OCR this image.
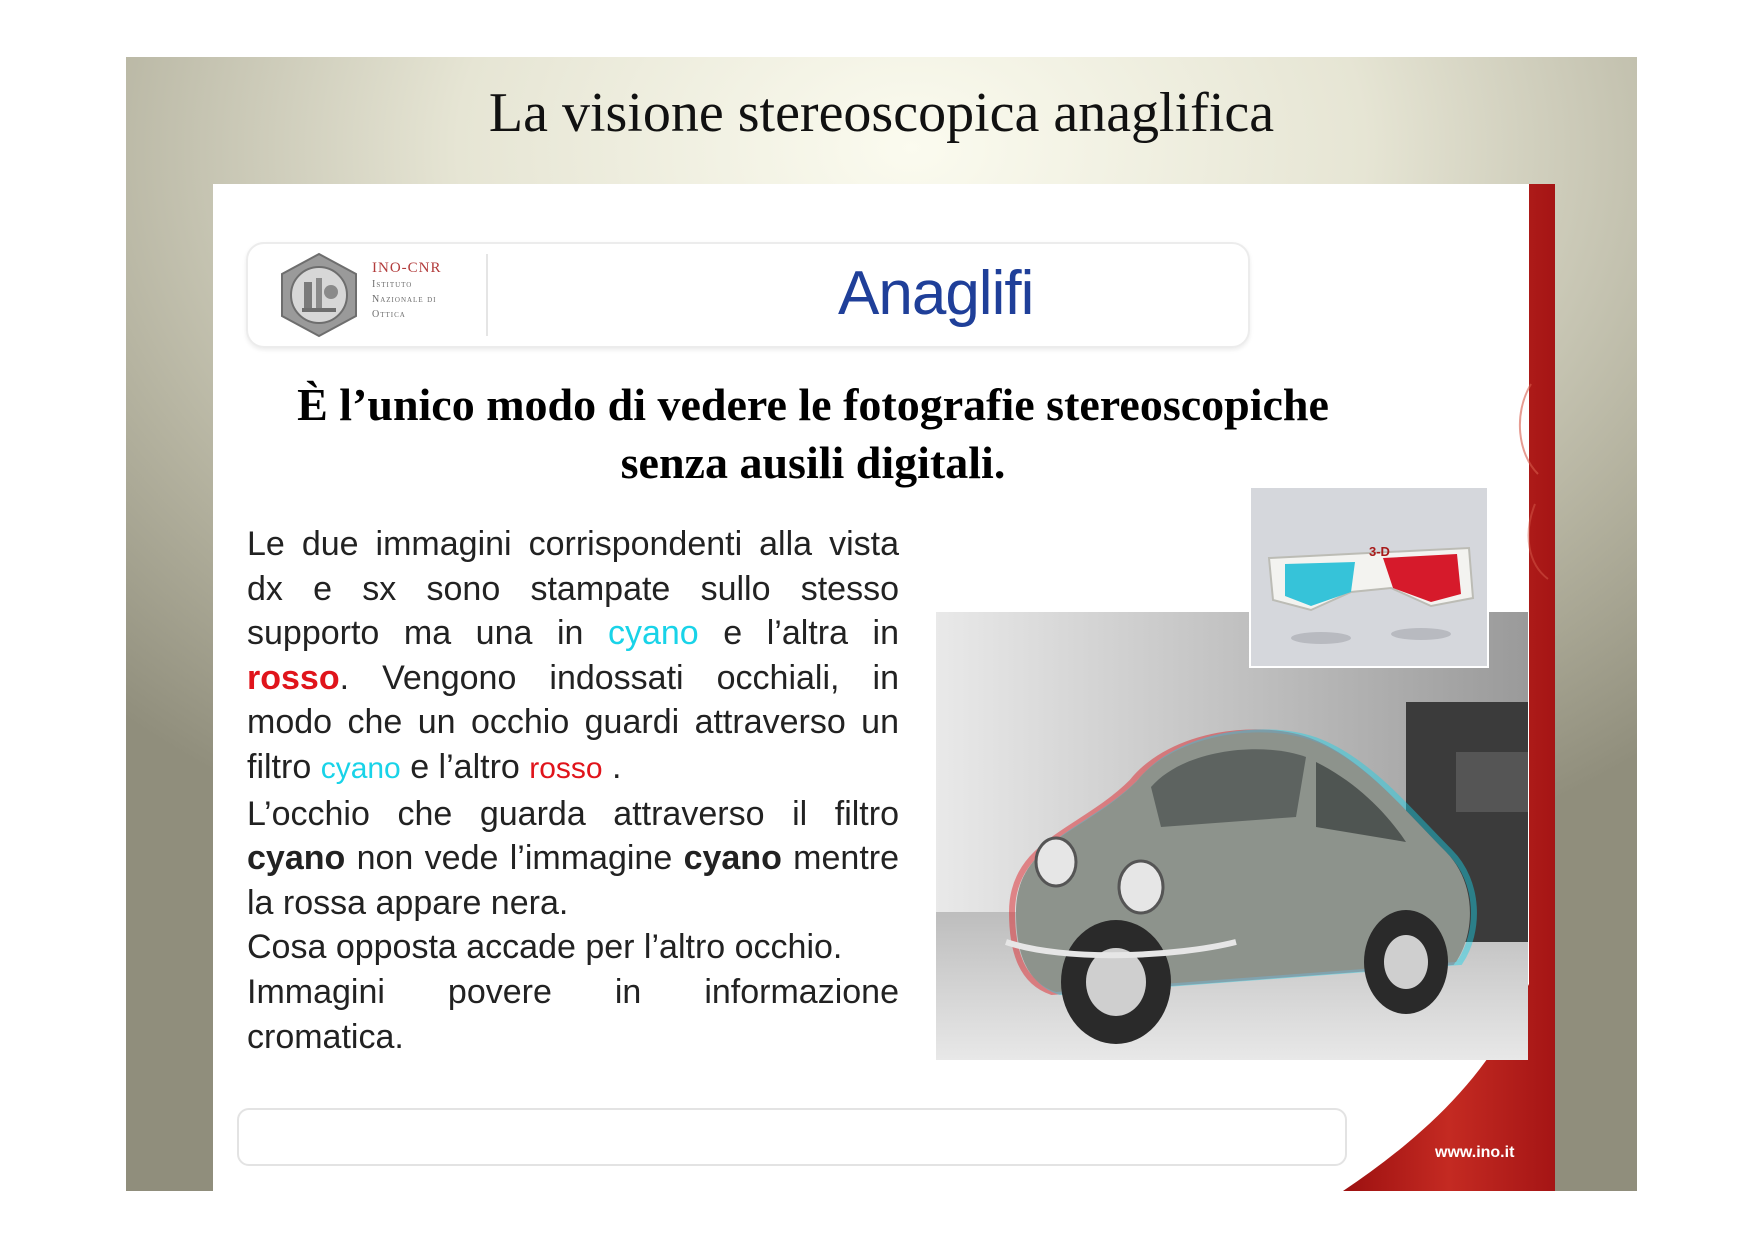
La visione stereoscopica anaglifica
INO-CNR
Istituto
Nazionale di
Ottica	Anaglifi
È l’unico modo di vedere le fotografie stereoscopiche
senza ausili digitali.

Le due immagini corrispondenti alla vista dx e sx sono stampate sullo stesso supporto ma una in cyano e l’altra in rosso. Vengono indossati occhiali, in modo che un occhio guardi attraverso un filtro cyano e l’altro rosso .

L’occhio che guarda attraverso il filtro cyano non vede l’immagine cyano mentre la rossa appare nera.

Cosa opposta accade per l’altro occhio.

Immagini povere in informazione cromatica.

3-D
www.ino.it
